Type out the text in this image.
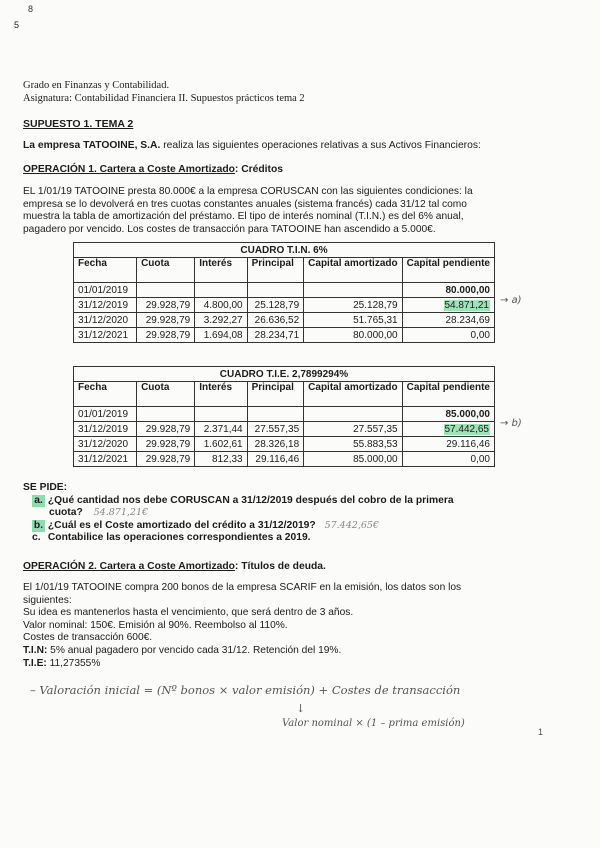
8
5
Grado en Finanzas y Contabilidad.
Asignatura: Contabilidad Financiera II. Supuestos prácticos tema 2
SUPUESTO 1. TEMA 2
La empresa TATOOINE, S.A. realiza las siguientes operaciones relativas a sus Activos Financieros:
OPERACIÓN 1. Cartera a Coste Amortizado: Créditos
EL 1/01/19 TATOOINE presta 80.000€ a la empresa CORUSCAN con las siguientes condiciones: la
empresa se lo devolverá en tres cuotas constantes anuales (sistema francés) cada 31/12 tal como
muestra la tabla de amortización del préstamo. El tipo de interés nominal (T.I.N.) es del 6% anual,
pagadero por vencido. Los costes de transacción para TATOOINE han ascendido a 5.000€.
CUADRO T.I.N. 6%					
Fecha	Cuota	Interés	Principal	Capital amortizado	Capital pendiente
01/01/2019					80.000,00
31/12/2019	29.928,79	4.800,00	25.128,79	25.128,79	54.871,21
31/12/2020	29.928,79	3.292,27	26.636,52	51.765,31	28.234,69
31/12/2021	29.928,79	1.694,08	28.234,71	80.000,00	0,00
→ a)
CUADRO T.I.E. 2,7899294%					
Fecha	Cuota	Interés	Principal	Capital amortizado	Capital pendiente
01/01/2019					85.000,00
31/12/2019	29.928,79	2.371,44	27.557,35	27.557,35	57.442,65
31/12/2020	29.928,79	1.602,61	28.326,18	55.883,53	29.116,46
31/12/2021	29.928,79	812,33	29.116,46	85.000,00	0,00
→ b)
SE PIDE:
a. ¿Qué cantidad nos debe CORUSCAN a 31/12/2019 después del cobro de la primera
cuota? 54.871,21€
b. ¿Cuál es el Coste amortizado del crédito a 31/12/2019? 57.442,65€
c. Contabilice las operaciones correspondientes a 2019.
OPERACIÓN 2. Cartera a Coste Amortizado: Títulos de deuda.
El 1/01/19 TATOOINE compra 200 bonos de la empresa SCARIF en la emisión, los datos son los
siguientes:
Su idea es mantenerlos hasta el vencimiento, que será dentro de 3 años.
Valor nominal: 150€. Emisión al 90%. Reembolso al 110%.
Costes de transacción 600€.
T.I.N: 5% anual pagadero por vencido cada 31/12. Retención del 19%.
T.I.E: 11,27355%
– Valoración inicial = (Nº bonos × valor emisión) + Costes de transacción
↓
Valor nominal × (1 – prima emisión)
1
